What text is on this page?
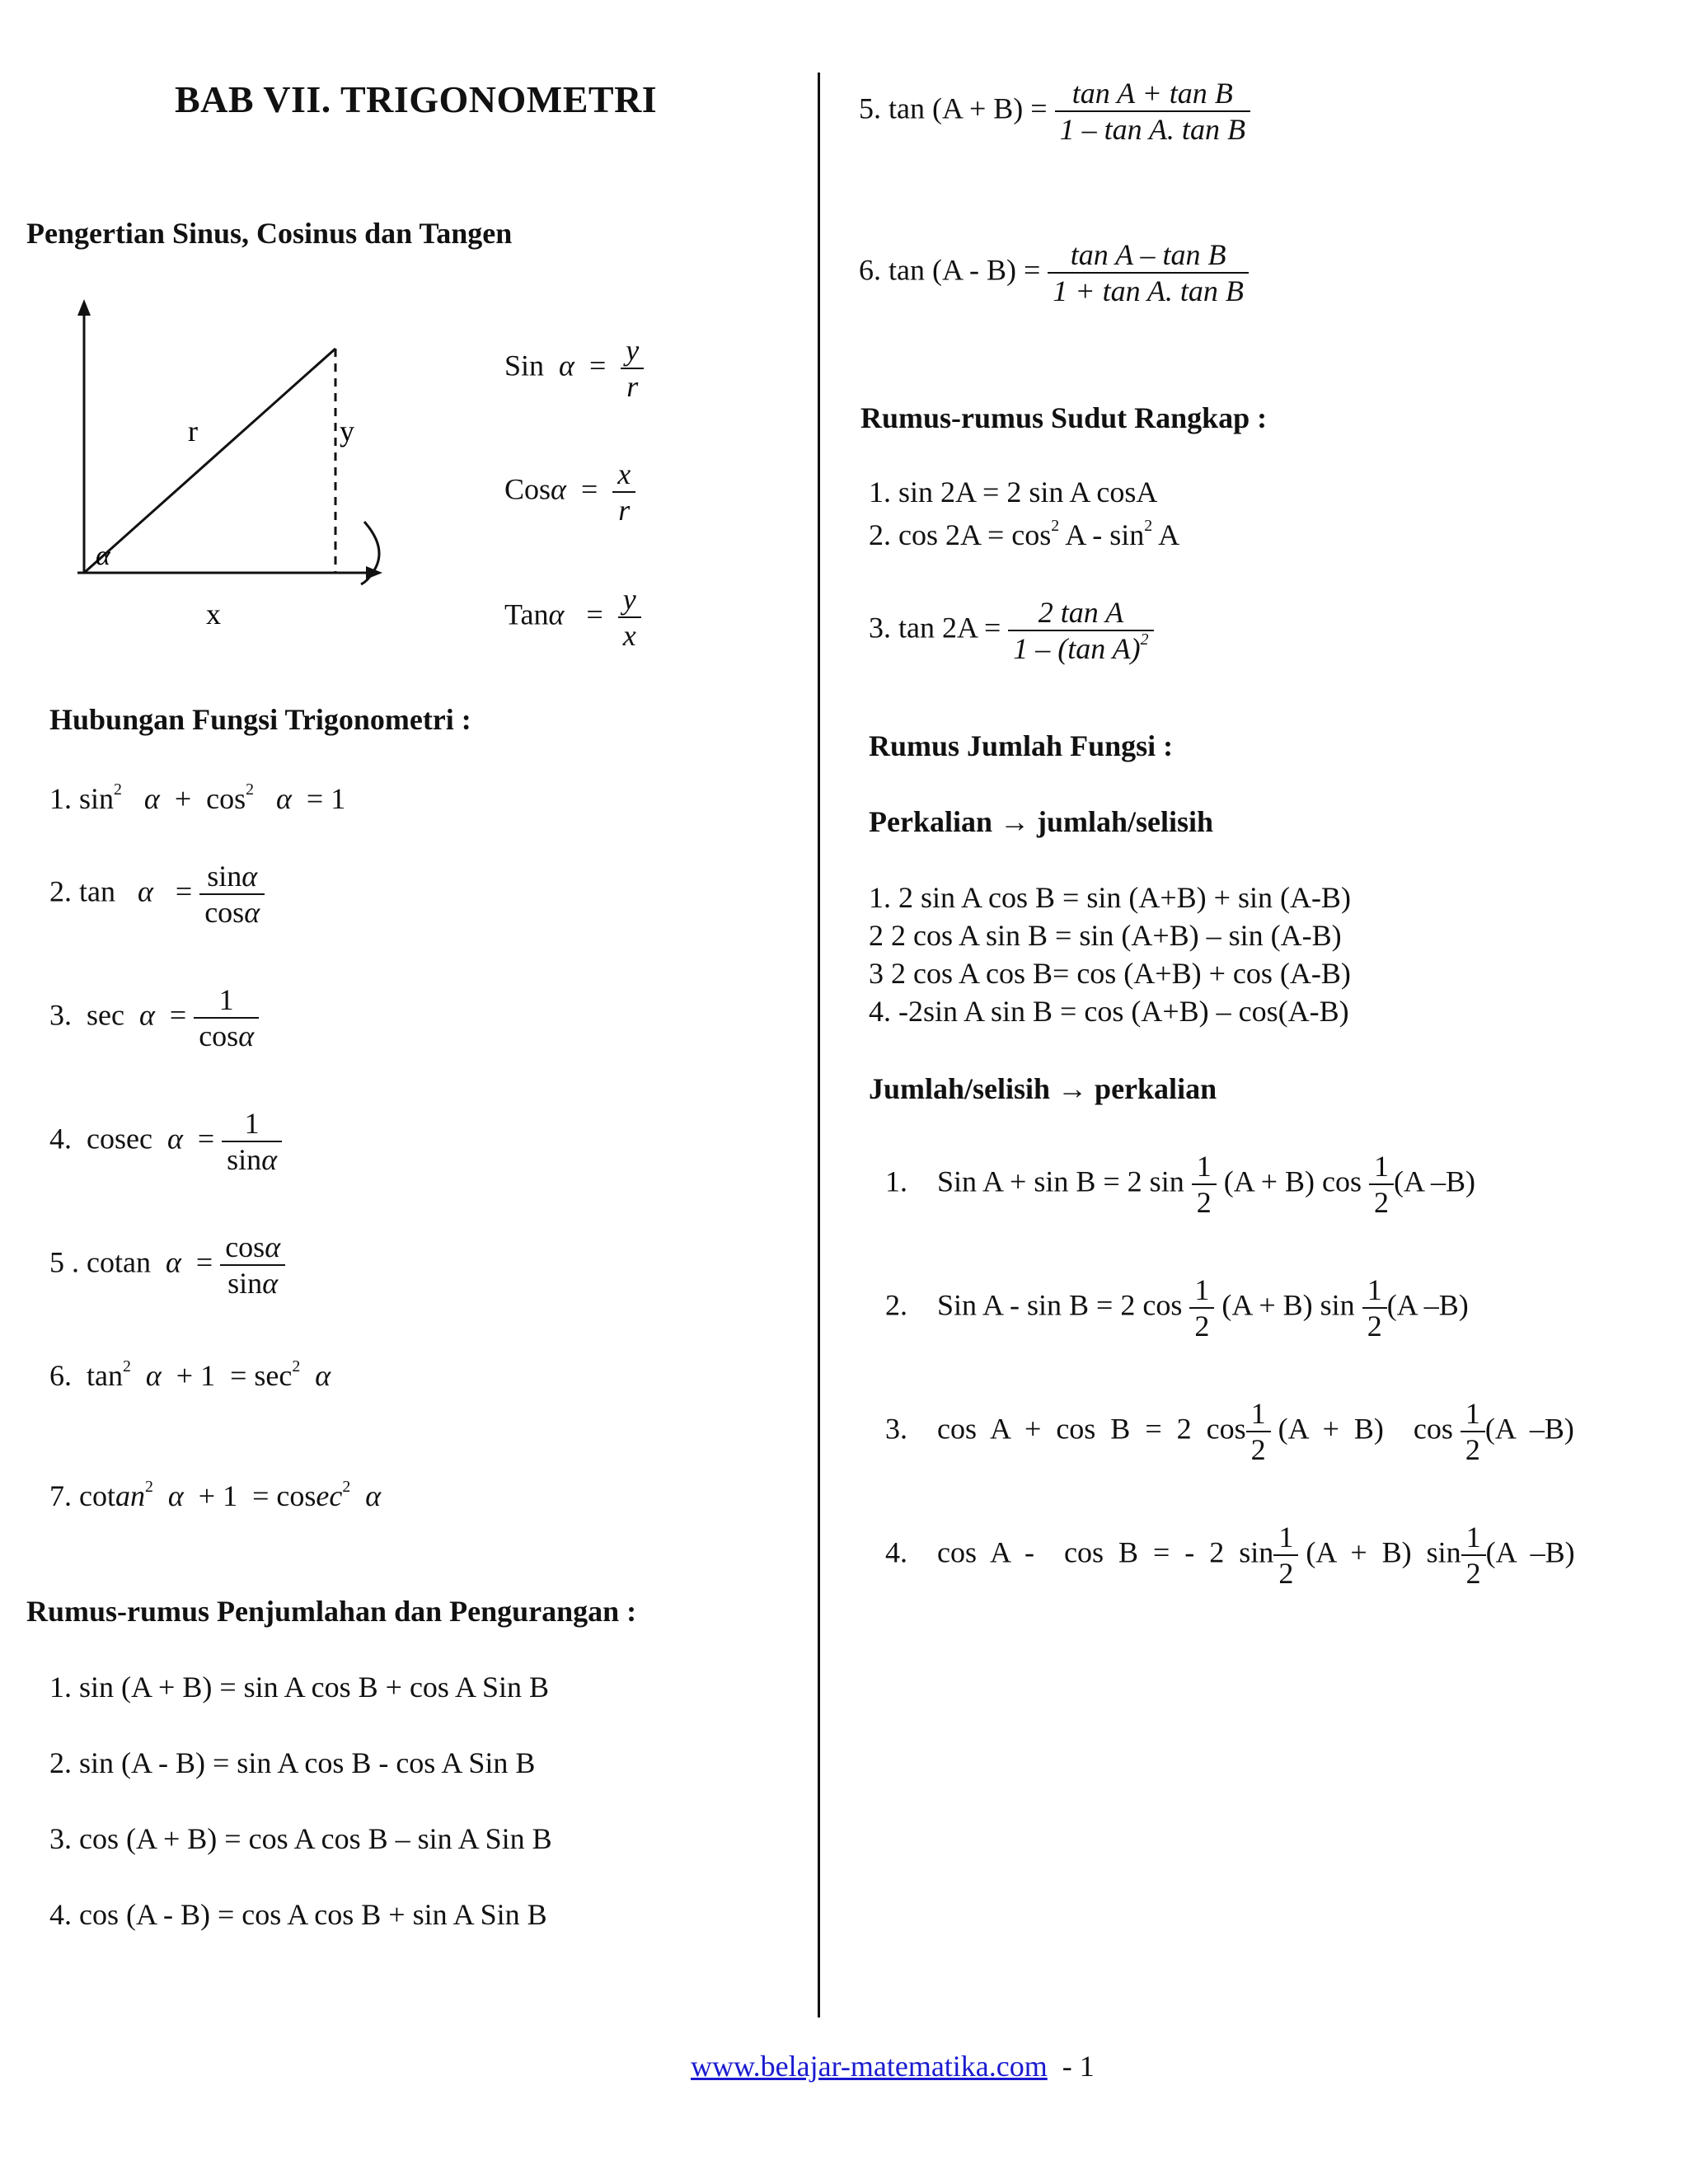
BAB VII. TRIGONOMETRI
Pengertian Sinus, Cosinus dan Tangen
r	y
x
α
Sin $\alpha = \frac{y}{r}$
$Cos\alpha = \frac{x}{r}$
$Tan\alpha = \frac{y}{x}$
Hubungan Fungsi Trigonometri :
1. $\sin^2 \alpha + \cos^2 \alpha = 1$
2. $\tan \alpha = \frac{\sin\alpha}{\cos\alpha}$
3. $\sec \alpha = \frac{1}{\cos\alpha}$
4. cosec $\alpha = \frac{1}{\sin\alpha}$
5 . cotan $\alpha = \frac{\cos\alpha}{\sin\alpha}$
6. $\tan^2 \alpha + 1 = \sec^2 \alpha$
7. cotan$^2$ α + 1 = cosec$^2$ α
Rumus-rumus Penjumlahan dan Pengurangan :
1. sin (A + B) = sin A cos B + cos A Sin B
2. sin (A - B) = sin A cos B - cos A Sin B
3. cos (A + B) = cos A cos B – sin A Sin B
4. cos (A - B) = cos A cos B + sin A Sin B
5. $\tan (A + B) = \frac{\text{tan A + tan B}}{\text{1 – tan A. tan B}}$
6. $\tan (A - B) = \frac{\text{tan A – tan B}}{\text{1 + tan A. tan B}}$
Rumus-rumus Sudut Rangkap :
1. sin 2A = 2 sin A cosA
2. $\cos 2A = \cos^2 A - \sin^2 A$
3. $\tan 2A = \frac{\text{2 tan A}}{1 - (\tan A)^2}$
Rumus Jumlah Fungsi :
Perkalian → jumlah/selisih
1. 2 sin A cos B = sin (A+B) + sin (A-B)
2 2 cos A sin B = sin (A+B) – sin (A-B)
3 2 cos A cos B= cos (A+B) + cos (A-B)
4. -2sin A sin B = cos (A+B) – cos(A-B)
Jumlah/selisih → perkalian
1. Sin A + sin B = 2 $\sin \frac{1}{2} (A + B)$ $\cos \frac{1}{2} (A$ –B)
2. Sin A - sin B = 2 $\cos \frac{1}{2} (A + B)$ $\sin \frac{1}{2} (A$ –B)
3. cos  A  +  cos  B  =  2  $\cos \frac{1}{2} (A + B)$    $\cos \frac{1}{2} (A$  –B)
4. cos  A  -    cos  B  =  -  2  $\sin \frac{1}{2} (A + B)$  $\sin \frac{1}{2} (A$  –B)
www.belajar-matematika.com - 1
